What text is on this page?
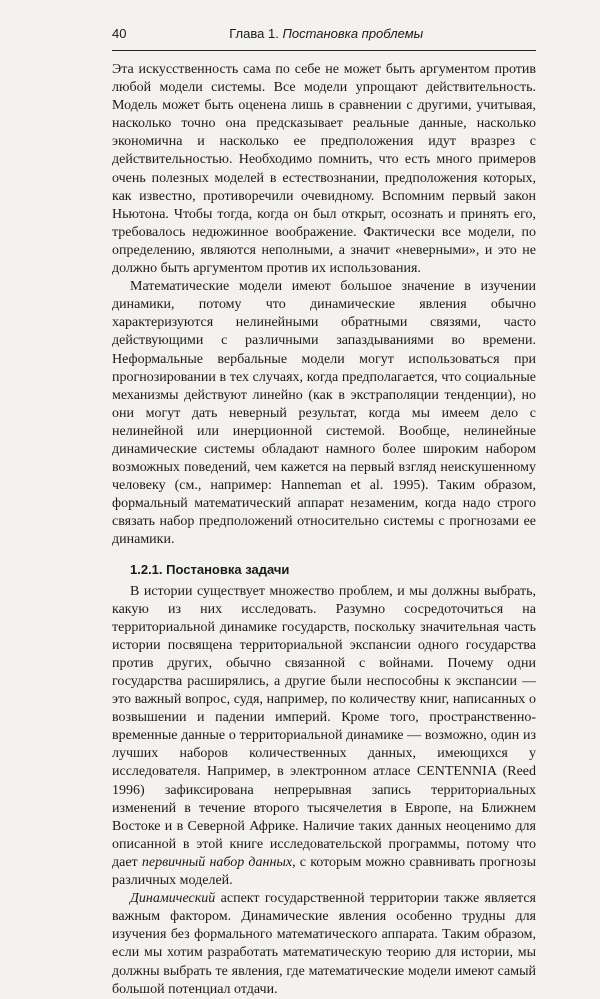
40	Глава 1. Постановка проблемы

Эта искусственность сама по себе не может быть аргументом против любой модели системы. Все модели упрощают действительность. Модель может быть оценена лишь в сравнении с другими, учитывая, насколько точно она предсказывает реальные данные, насколько экономична и насколько ее предположения идут вразрез с действительностью. Необходимо помнить, что есть много примеров очень полезных моделей в естествознании, предположения которых, как известно, противоречили очевидному. Вспомним первый закон Ньютона. Чтобы тогда, когда он был открыт, осознать и принять его, требовалось недюжинное воображение. Фактически все модели, по определению, являются неполными, а значит «неверными», и это не должно быть аргументом против их использования.

Математические модели имеют большое значение в изучении динамики, потому что динамические явления обычно характеризуются нелинейными обратными связями, часто действующими с различными запаздываниями во времени. Неформальные вербальные модели могут использоваться при прогнозировании в тех случаях, когда предполагается, что социальные механизмы действуют линейно (как в экстраполяции тенденции), но они могут дать неверный результат, когда мы имеем дело с нелинейной или инерционной системой. Вообще, нелинейные динамические системы обладают намного более широким набором возможных поведений, чем кажется на первый взгляд неискушенному человеку (см., например: Hanneman et al. 1995). Таким образом, формальный математический аппарат незаменим, когда надо строго связать набор предположений относительно системы с прогнозами ее динамики.

1.2.1. Постановка задачи

В истории существует множество проблем, и мы должны выбрать, какую из них исследовать. Разумно сосредоточиться на территориальной динамике государств, поскольку значительная часть истории посвящена территориальной экспансии одного государства против других, обычно связанной с войнами. Почему одни государства расширялись, а другие были неспособны к экспансии — это важный вопрос, судя, например, по количеству книг, написанных о возвышении и падении империй. Кроме того, пространственно-временные данные о территориальной динамике — возможно, один из лучших наборов количественных данных, имеющихся у исследователя. Например, в электронном атласе CENTENNIA (Reed 1996) зафиксирована непрерывная запись территориальных изменений в течение второго тысячелетия в Европе, на Ближнем Востоке и в Северной Африке. Наличие таких данных неоценимо для описанной в этой книге исследовательской программы, потому что дает первичный набор данных, с которым можно сравнивать прогнозы различных моделей.

Динамический аспект государственной территории также является важным фактором. Динамические явления особенно трудны для изучения без формального математического аппарата. Таким образом, если мы хотим разработать математическую теорию для истории, мы должны выбрать те явления, где математические модели имеют самый большой потенциал отдачи.
